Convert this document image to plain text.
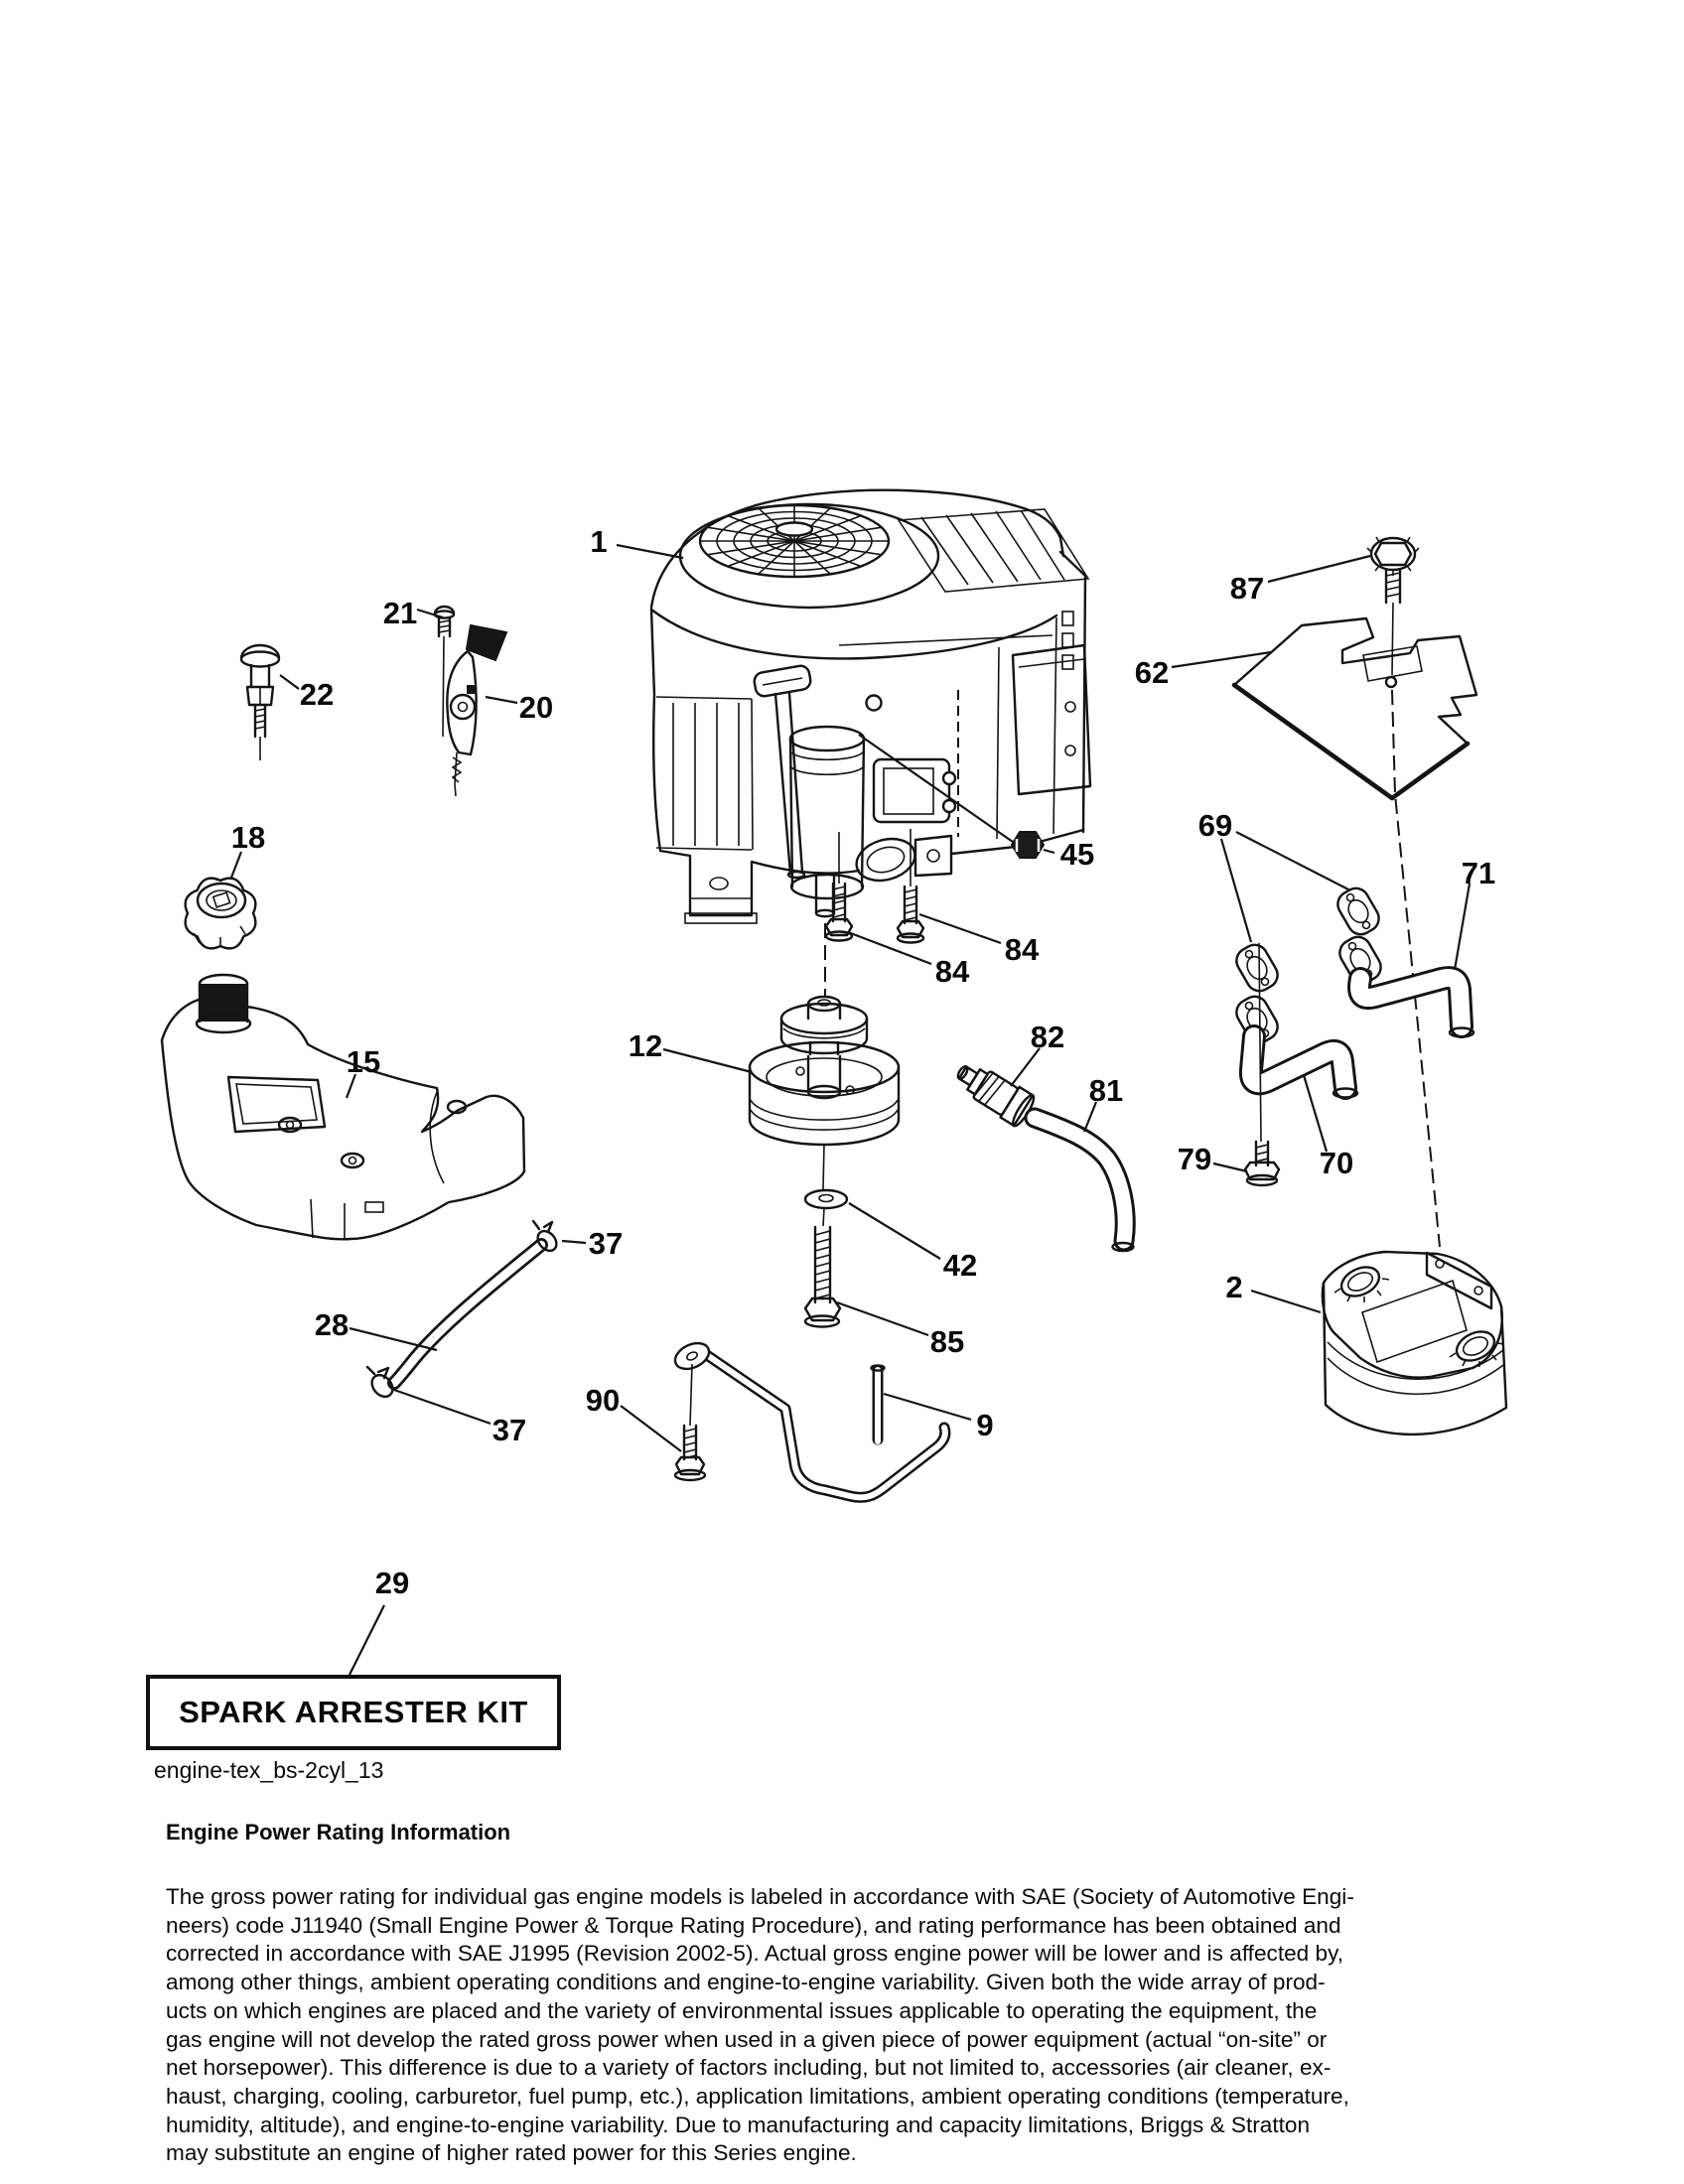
1
21
20
22
18
15	12
45
84
84
87
62
69
71
79	70
82
81
42
85
2
37
28
37
90
9
29
SPARK ARRESTER KIT
engine-tex_bs-2cyl_13
Engine Power Rating Information
The gross power rating for individual gas engine models is labeled in accordance with SAE (Society of Automotive Engi-
neers) code J11940 (Small Engine Power & Torque Rating Procedure), and rating performance has been obtained and
corrected in accordance with SAE J1995 (Revision 2002-5). Actual gross engine power will be lower and is affected by,
among other things, ambient operating conditions and engine-to-engine variability. Given both the wide array of prod-
ucts on which engines are placed and the variety of environmental issues applicable to operating the equipment, the
gas engine will not develop the rated gross power when used in a given piece of power equipment (actual “on-site” or
net horsepower). This difference is due to a variety of factors including, but not limited to, accessories (air cleaner, ex-
haust, charging, cooling, carburetor, fuel pump, etc.), application limitations, ambient operating conditions (temperature,
humidity, altitude), and engine-to-engine variability. Due to manufacturing and capacity limitations, Briggs & Stratton
may substitute an engine of higher rated power for this Series engine.
